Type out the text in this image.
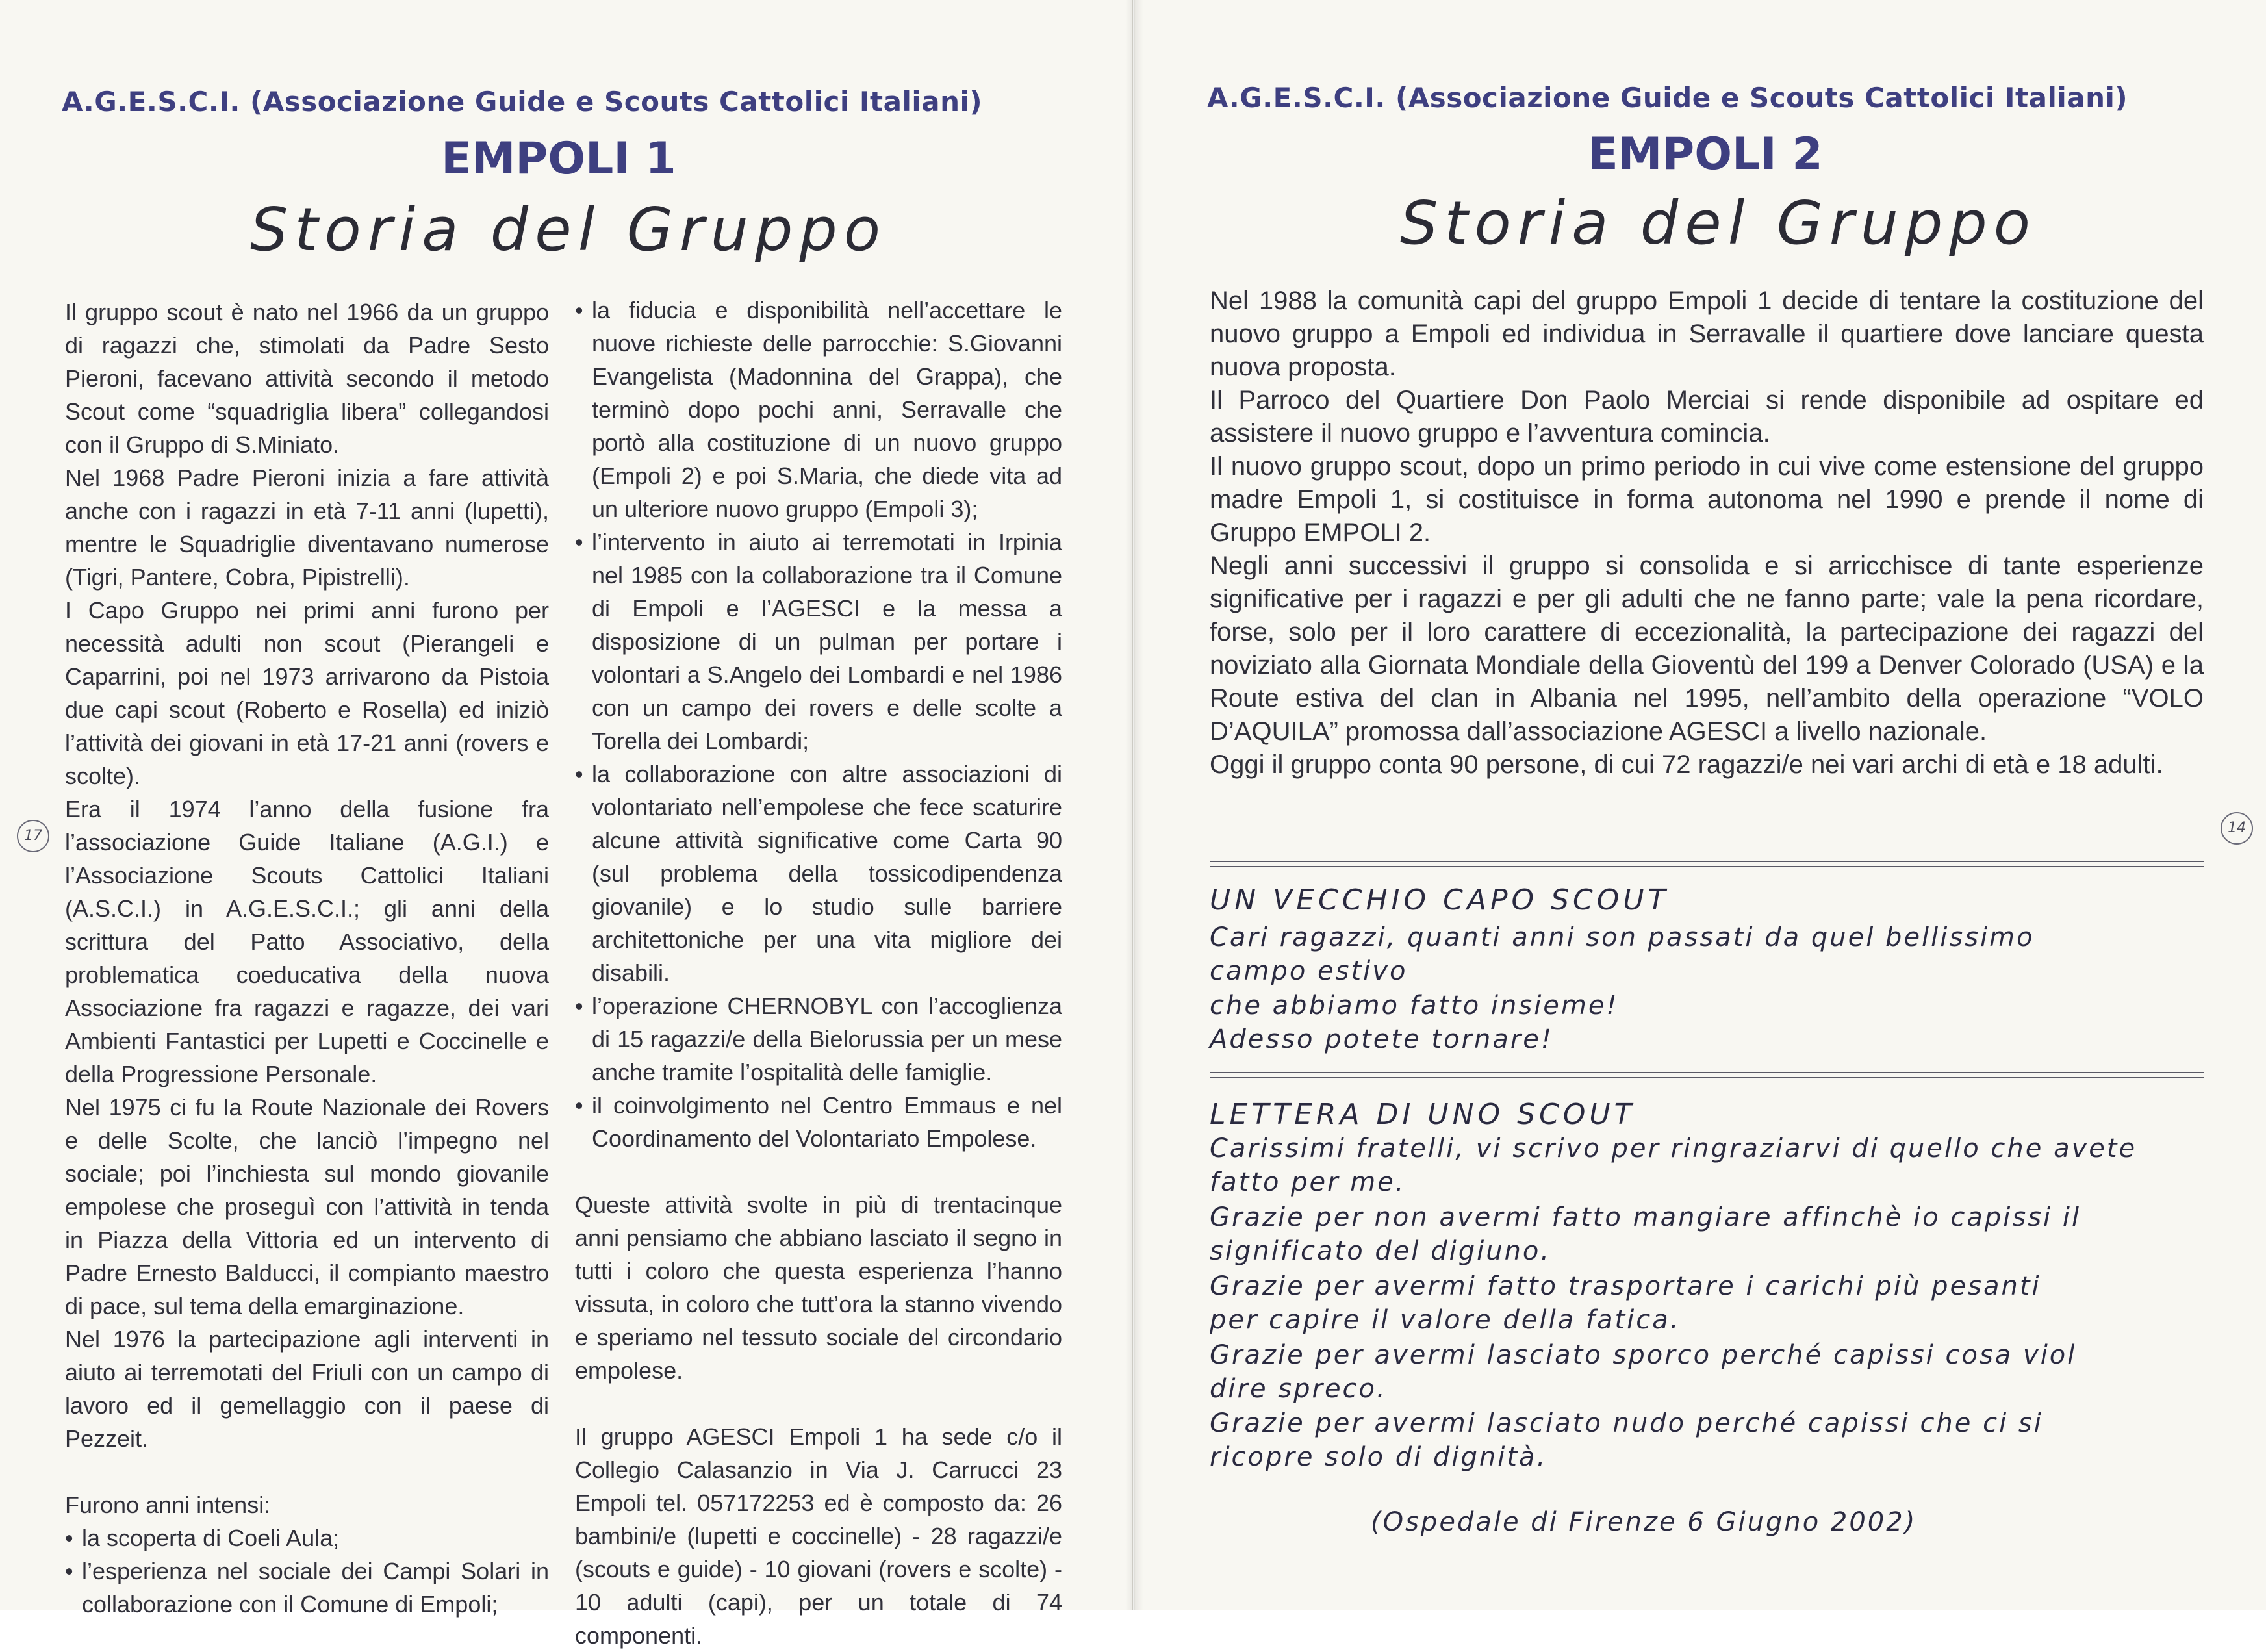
A.G.E.S.C.I. (Associazione Guide e Scouts Cattolici Italiani)
EMPOLI 1
Storia del Gruppo

Il gruppo scout è nato nel 1966 da un gruppo di ragazzi che, stimolati da Padre Sesto Pieroni, facevano attività secondo il metodo Scout come “squadriglia libera” collegandosi con il Gruppo di S.Miniato.

Nel 1968 Padre Pieroni inizia a fare attività anche con i ragazzi in età 7-11 anni (lupetti), mentre le Squadriglie diventavano numerose (Tigri, Pantere, Cobra, Pipistrelli).

I Capo Gruppo nei primi anni furono per necessità adulti non scout (Pierangeli e Caparrini, poi nel 1973 arrivarono da Pistoia due capi scout (Roberto e Rosella) ed iniziò l’attività dei giovani in età 17-21 anni (rovers e scolte).

Era il 1974 l’anno della fusione fra l’associazione Guide Italiane (A.G.I.) e l’Associazione Scouts Cattolici Italiani (A.S.C.I.) in A.G.E.S.C.I.; gli anni della scrittura del Patto Associativo, della problematica coeducativa della nuova Associazione fra ragazzi e ragazze, dei vari Ambienti Fantastici per Lupetti e Coccinelle e della Progressione Personale.

Nel 1975 ci fu la Route Nazionale dei Rovers e delle Scolte, che lanciò l’impegno nel sociale; poi l’inchiesta sul mondo giovanile empolese che proseguì con l’attività in tenda in Piazza della Vittoria ed un intervento di Padre Ernesto Balducci, il compianto maestro di pace, sul tema della emarginazione.

Nel 1976 la partecipazione agli interventi in aiuto ai terremotati del Friuli con un campo di lavoro ed il gemellaggio con il paese di Pezzeit.

Furono anni intensi:

• la scoperta di Coeli Aula;
• l’esperienza nel sociale dei Campi Solari in collaborazione con il Comune di Empoli;
• la fiducia e disponibilità nell’accettare le nuove richieste delle parrocchie: S.Giovanni Evangelista (Madonnina del Grappa), che terminò dopo pochi anni, Serravalle che portò alla costituzione di un nuovo gruppo (Empoli 2) e poi S.Maria, che diede vita ad un ulteriore nuovo gruppo (Empoli 3);
• l’intervento in aiuto ai terremotati in Irpinia nel 1985 con la collaborazione tra il Comune di Empoli e l’AGESCI e la messa a disposizione di un pulman per portare i volontari a S.Angelo dei Lombardi e nel 1986 con un campo dei rovers e delle scolte a Torella dei Lombardi;
• la collaborazione con altre associazioni di volontariato nell’empolese che fece scaturire alcune attività significative come Carta 90 (sul problema della tossicodipendenza giovanile) e lo studio sulle barriere architettoniche per una vita migliore dei disabili.
• l’operazione CHERNOBYL con l’accoglienza di 15 ragazzi/e della Bielorussia per un mese anche tramite l’ospitalità delle famiglie.
• il coinvolgimento nel Centro Emmaus e nel Coordinamento del Volontariato Empolese.

Queste attività svolte in più di trentacinque anni pensiamo che abbiano lasciato il segno in tutti i coloro che questa esperienza l’hanno vissuta, in coloro che tutt’ora la stanno vivendo e speriamo nel tessuto sociale del circondario empolese.

Il gruppo AGESCI Empoli 1 ha sede c/o il Collegio Calasanzio in Via J. Carrucci 23 Empoli tel. 057172253 ed è composto da: 26 bambini/e (lupetti e coccinelle) - 28 ragazzi/e (scouts e guide) - 10 giovani (rovers e scolte) - 10 adulti (capi), per un totale di 74 componenti.

17
A.G.E.S.C.I. (Associazione Guide e Scouts Cattolici Italiani)
EMPOLI 2
Storia del Gruppo

Nel 1988 la comunità capi del gruppo Empoli 1 decide di tentare la costituzione del nuovo gruppo a Empoli ed individua in Serravalle il quartiere dove lanciare questa nuova proposta.

Il Parroco del Quartiere Don Paolo Merciai si rende disponibile ad ospitare ed assistere il nuovo gruppo e l’avventura comincia.

Il nuovo gruppo scout, dopo un primo periodo in cui vive come estensione del gruppo madre Empoli 1, si costituisce in forma autonoma nel 1990 e prende il nome di Gruppo EMPOLI 2.

Negli anni successivi il gruppo si consolida e si arricchisce di tante esperienze significative per i ragazzi e per gli adulti che ne fanno parte; vale la pena ricordare, forse, solo per il loro carattere di eccezionalità, la partecipazione dei ragazzi del noviziato alla Giornata Mondiale della Gioventù del 199 a Denver Colorado (USA) e la Route estiva del clan in Albania nel 1995, nell’ambito della operazione “VOLO D’AQUILA” promossa dall’associazione AGESCI a livello nazionale.

Oggi il gruppo conta 90 persone, di cui 72 ragazzi/e nei vari archi di età e 18 adulti.

14
UN VECCHIO CAPO SCOUT
Cari ragazzi, quanti anni son passati da quel bellissimo
campo estivo
che abbiamo fatto insieme!
Adesso potete tornare!
LETTERA DI UNO SCOUT
Carissimi fratelli, vi scrivo per ringraziarvi di quello che avete
fatto per me.
Grazie per non avermi fatto mangiare affinchè io capissi il
significato del digiuno.
Grazie per avermi fatto trasportare i carichi più pesanti
per capire il valore della fatica.
Grazie per avermi lasciato sporco perché capissi cosa viol
dire spreco.
Grazie per avermi lasciato nudo perché capissi che ci si
ricopre solo di dignità.
(Ospedale di Firenze 6 Giugno 2002)
